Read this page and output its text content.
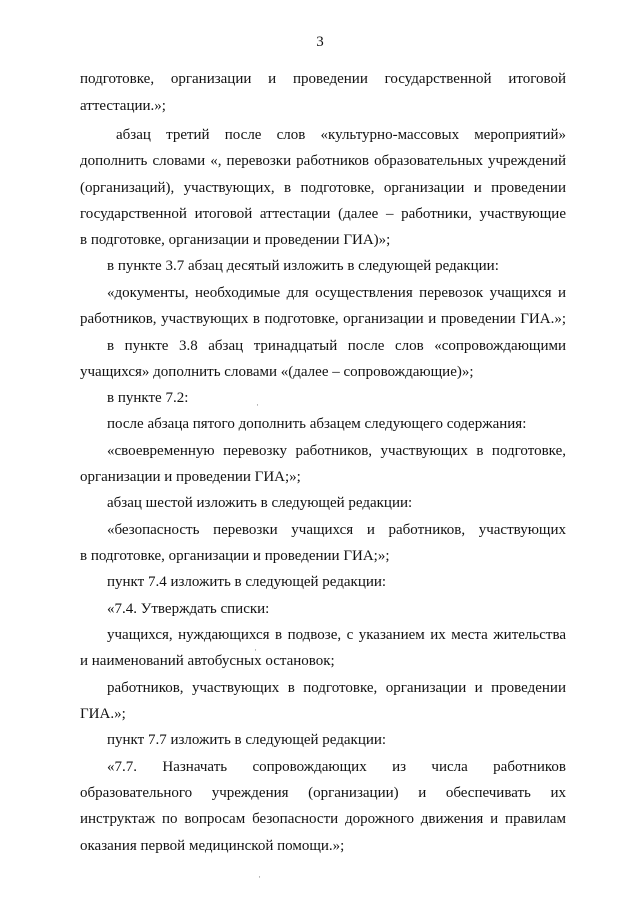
3
подготовке, организации и проведении государственной итоговой
аттестации.»;
абзац третий после слов «культурно-массовых мероприятий»
дополнить словами «, перевозки работников образовательных учреждений
(организаций), участвующих, в подготовке, организации и проведении
государственной итоговой аттестации (далее – работники, участвующие
в подготовке, организации и проведении ГИА)»;
в пункте 3.7 абзац десятый изложить в следующей редакции:
«документы, необходимые для осуществления перевозок учащихся и
работников, участвующих в подготовке, организации и проведении ГИА.»;
в пункте 3.8 абзац тринадцатый после слов «сопровождающими
учащихся» дополнить словами «(далее – сопровождающие)»;
в пункте 7.2:
после абзаца пятого дополнить абзацем следующего содержания:
«своевременную перевозку работников, участвующих в подготовке,
организации и проведении ГИА;»;
абзац шестой изложить в следующей редакции:
«безопасность перевозки учащихся и работников, участвующих
в подготовке, организации и проведении ГИА;»;
пункт 7.4 изложить в следующей редакции:
«7.4. Утверждать списки:
учащихся, нуждающихся в подвозе, с указанием их места жительства
и наименований автобусных остановок;
работников, участвующих в подготовке, организации и проведении
ГИА.»;
пункт 7.7 изложить в следующей редакции:
«7.7. Назначать сопровождающих из числа работников
образовательного учреждения (организации) и обеспечивать их
инструктаж по вопросам безопасности дорожного движения и правилам
оказания первой медицинской помощи.»;
·
·
·
